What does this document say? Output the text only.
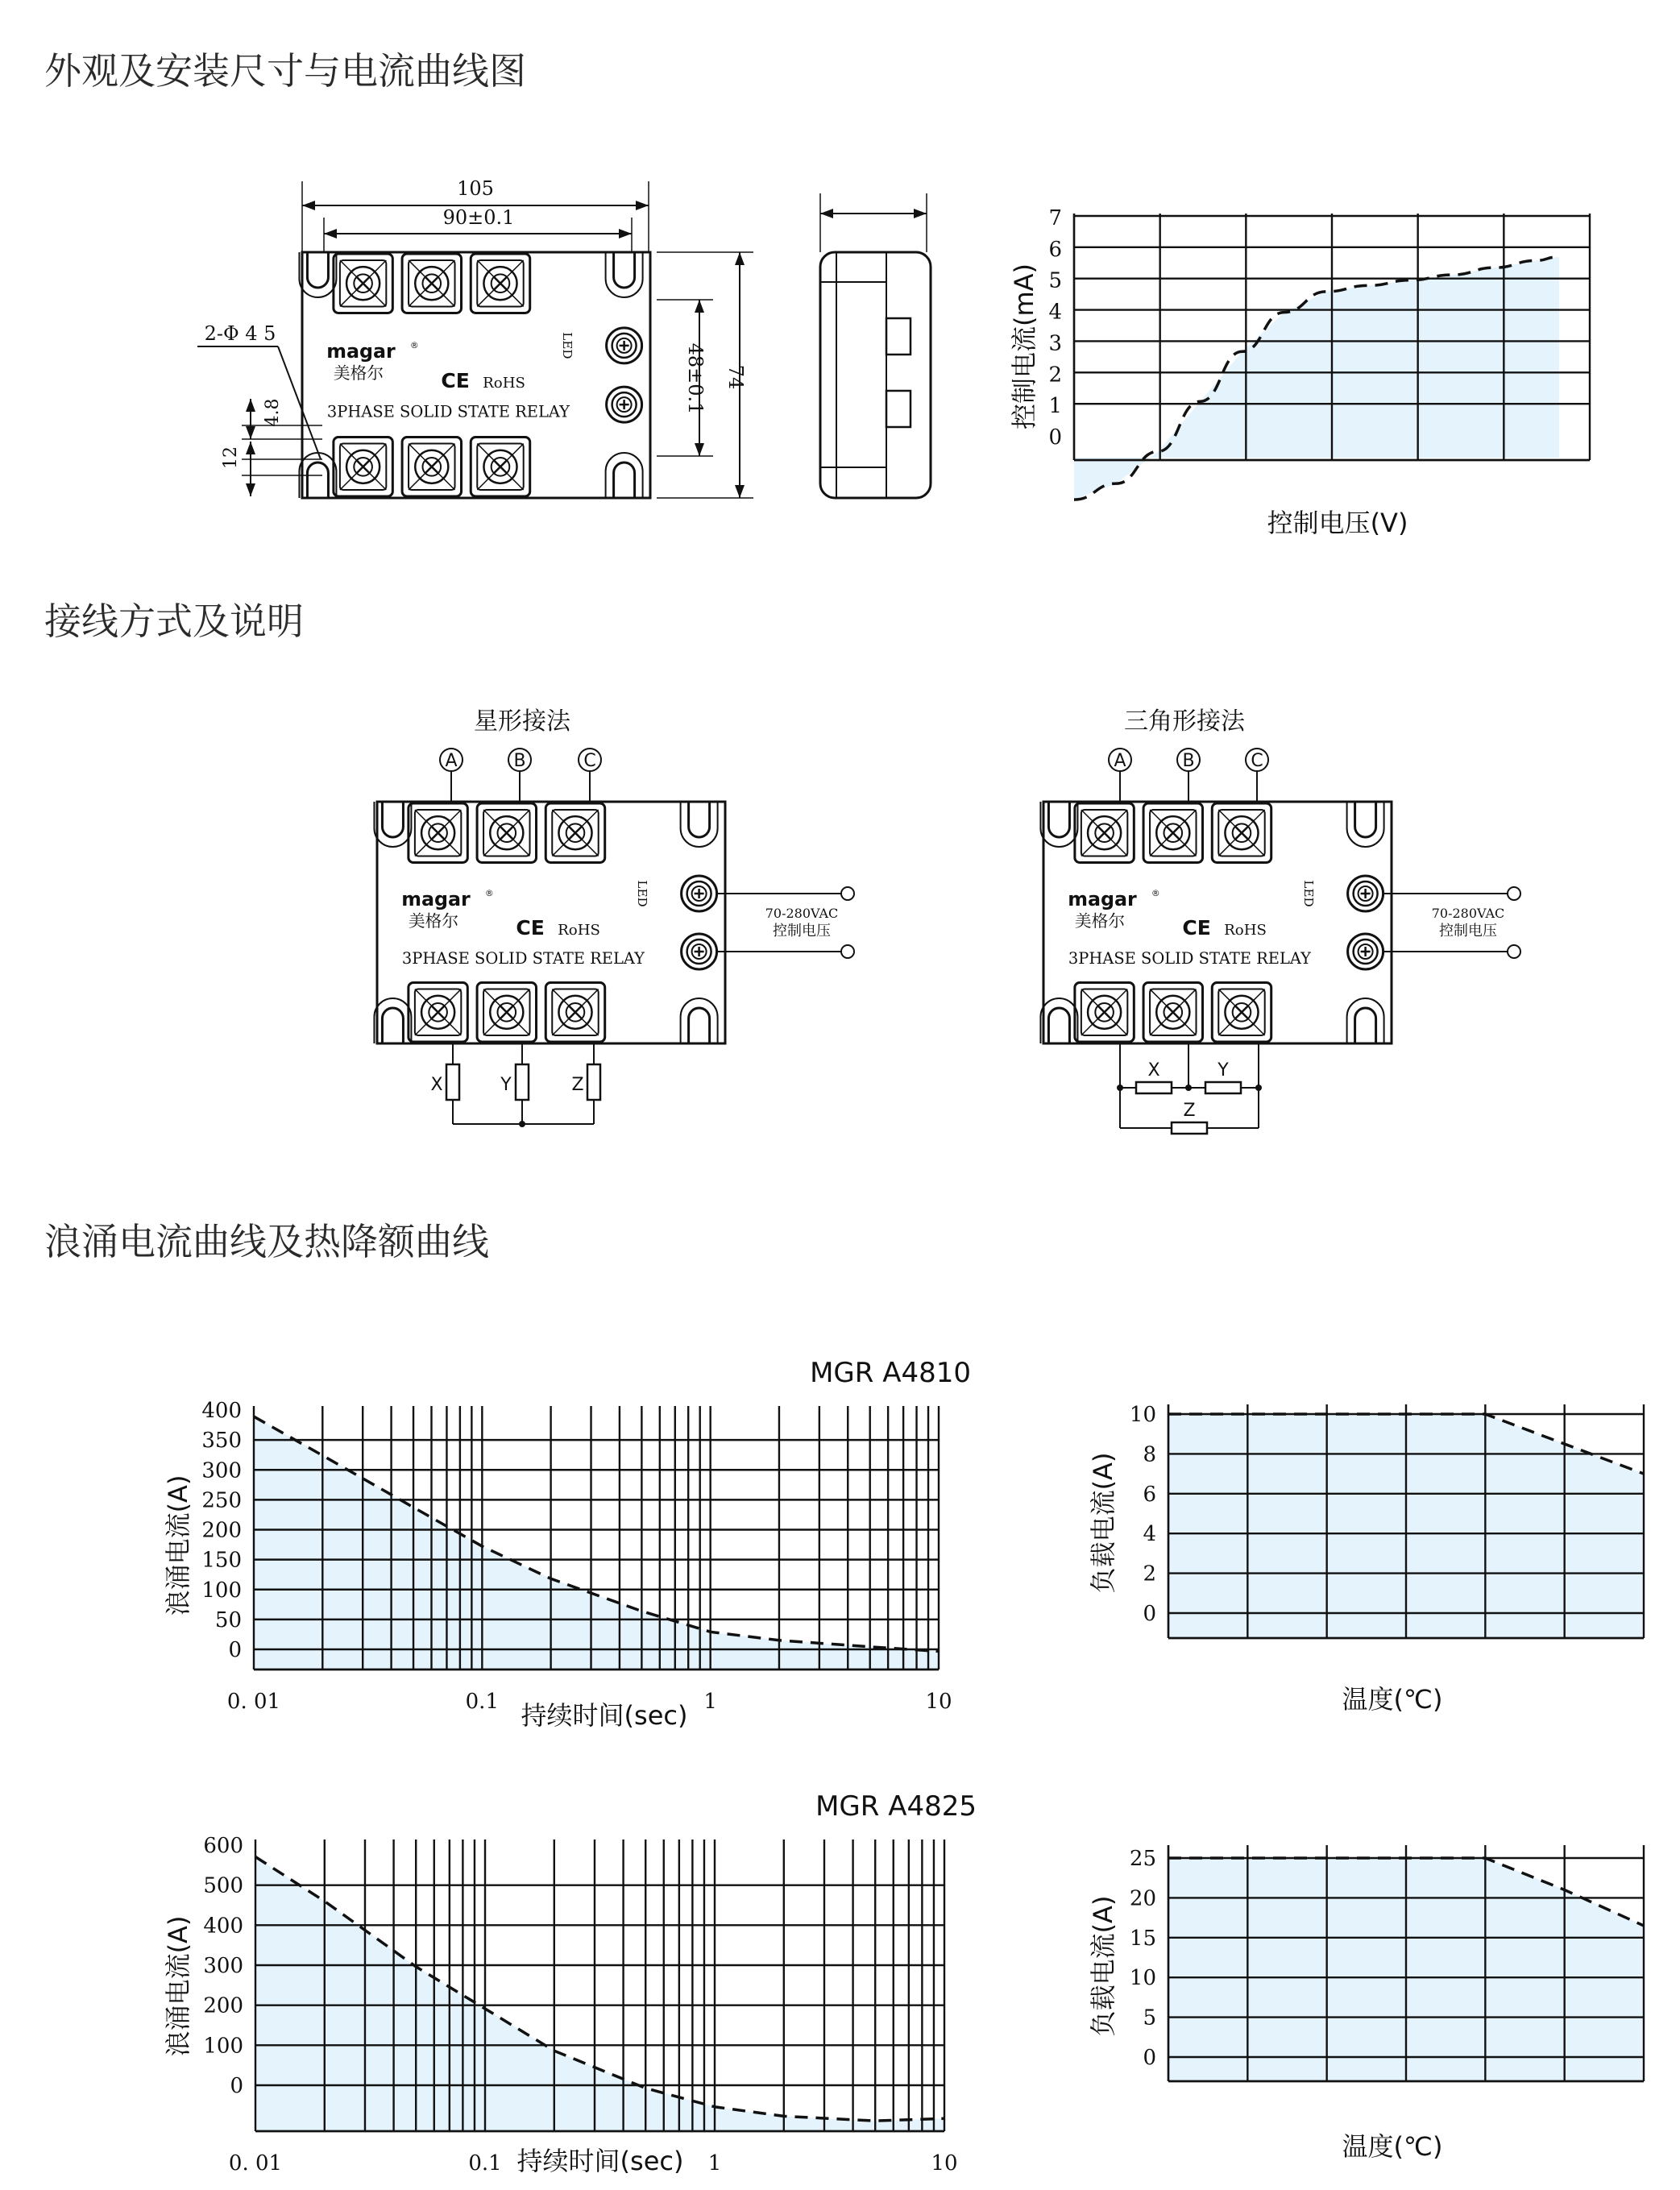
外观及安装尺寸与电流曲线图
接线方式及说明
浪涌电流曲线及热降额曲线
magar ®
美格尔	CE RoHS
3PHASE SOLID STATE RELAY
LED
105
90±0.1
74
48±0.1
2-Φ 4 5
4.8
12
7
6
5
4
3
2
1
0
控制电压(V)
控制电流(mA)
magar ®
美格尔	CE RoHS
3PHASE SOLID STATE RELAY
LED
星形接法
A	B	C
X	Y	Z
70-280VAC
控制电压
magar ®
美格尔	CE RoHS
3PHASE SOLID STATE RELAY
LED
三角形接法
A	B	C
X	Y
Z
70-280VAC
控制电压
400
350
300
250
200
150
100
50
0
0. 01	0.1	1	10
MGR A4810
持续时间(sec)
浪涌电流(A)
10
8
6
4
2
0
温度(℃)
负载电流(A)
600
500
400
300
200
100
0
0. 01	0.1	1	10
MGR A4825
持续时间(sec)
浪涌电流(A)
25
20
15
10
5
0
温度(℃)
负载电流(A)
